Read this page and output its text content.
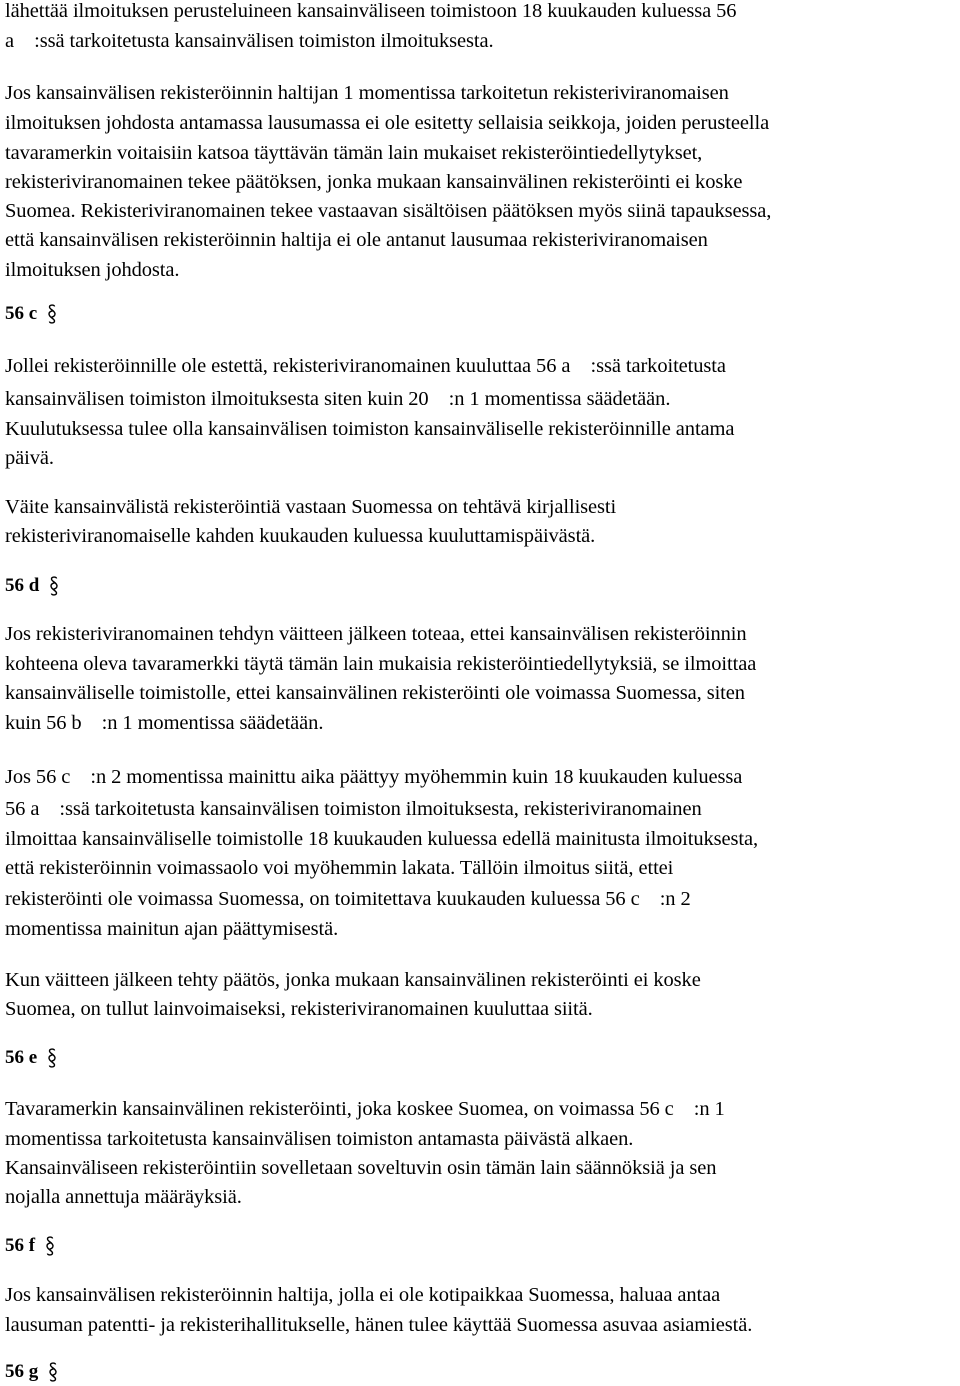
lähettää ilmoituksen perusteluineen kansainväliseen toimistoon 18 kuukauden kuluessa 56
a    :ssä tarkoitetusta kansainvälisen toimiston ilmoituksesta.
Jos kansainvälisen rekisteröinnin haltijan 1 momentissa tarkoitetun rekisteriviranomaisen
ilmoituksen johdosta antamassa lausumassa ei ole esitetty sellaisia seikkoja, joiden perusteella
tavaramerkin voitaisiin katsoa täyttävän tämän lain mukaiset rekisteröintiedellytykset,
rekisteriviranomainen tekee päätöksen, jonka mukaan kansainvälinen rekisteröinti ei koske
Suomea. Rekisteriviranomainen tekee vastaavan sisältöisen päätöksen myös siinä tapauksessa,
että kansainvälisen rekisteröinnin haltija ei ole antanut lausumaa rekisteriviranomaisen
ilmoituksen johdosta.
56 c
Jollei rekisteröinnille ole estettä, rekisteriviranomainen kuuluttaa 56 a    :ssä tarkoitetusta
kansainvälisen toimiston ilmoituksesta siten kuin 20    :n 1 momentissa säädetään.
Kuulutuksessa tulee olla kansainvälisen toimiston kansainväliselle rekisteröinnille antama
päivä.
Väite kansainvälistä rekisteröintiä vastaan Suomessa on tehtävä kirjallisesti
rekisteriviranomaiselle kahden kuukauden kuluessa kuuluttamispäivästä.
56 d
Jos rekisteriviranomainen tehdyn väitteen jälkeen toteaa, ettei kansainvälisen rekisteröinnin
kohteena oleva tavaramerkki täytä tämän lain mukaisia rekisteröintiedellytyksiä, se ilmoittaa
kansainväliselle toimistolle, ettei kansainvälinen rekisteröinti ole voimassa Suomessa, siten
kuin 56 b    :n 1 momentissa säädetään.
Jos 56 c    :n 2 momentissa mainittu aika päättyy myöhemmin kuin 18 kuukauden kuluessa
56 a    :ssä tarkoitetusta kansainvälisen toimiston ilmoituksesta, rekisteriviranomainen
ilmoittaa kansainväliselle toimistolle 18 kuukauden kuluessa edellä mainitusta ilmoituksesta,
että rekisteröinnin voimassaolo voi myöhemmin lakata. Tällöin ilmoitus siitä, ettei
rekisteröinti ole voimassa Suomessa, on toimitettava kuukauden kuluessa 56 c    :n 2
momentissa mainitun ajan päättymisestä.
Kun väitteen jälkeen tehty päätös, jonka mukaan kansainvälinen rekisteröinti ei koske
Suomea, on tullut lainvoimaiseksi, rekisteriviranomainen kuuluttaa siitä.
56 e
Tavaramerkin kansainvälinen rekisteröinti, joka koskee Suomea, on voimassa 56 c    :n 1
momentissa tarkoitetusta kansainvälisen toimiston antamasta päivästä alkaen.
Kansainväliseen rekisteröintiin sovelletaan soveltuvin osin tämän lain säännöksiä ja sen
nojalla annettuja määräyksiä.
56 f
Jos kansainvälisen rekisteröinnin haltija, jolla ei ole kotipaikkaa Suomessa, haluaa antaa
lausuman patentti- ja rekisterihallitukselle, hänen tulee käyttää Suomessa asuvaa asiamiestä.
56 g
